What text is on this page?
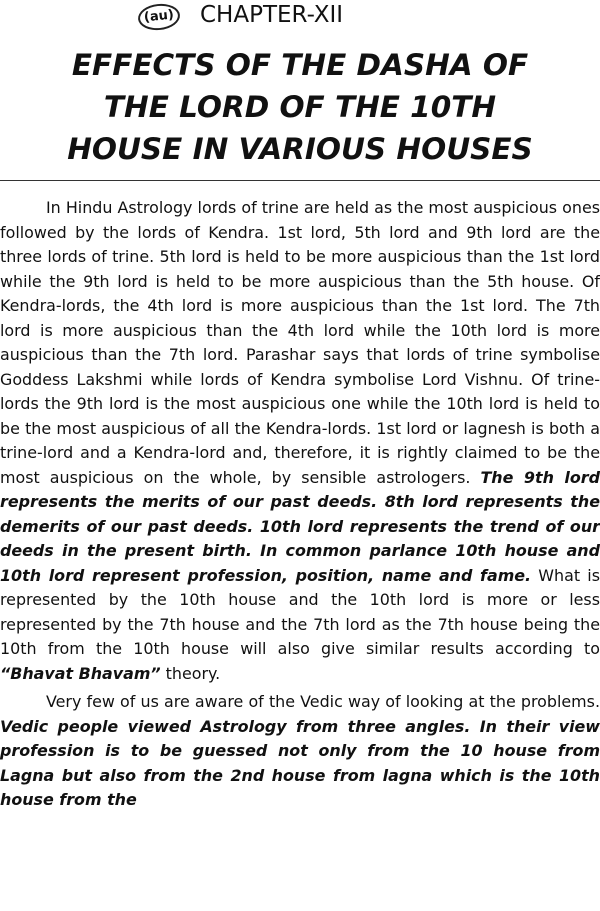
(au) CHAPTER-XII
EFFECTS OF THE DASHA OF
THE LORD OF THE 10TH
HOUSE IN VARIOUS HOUSES

In Hindu Astrology lords of trine are held as the most auspicious ones followed by the lords of Kendra. 1st lord, 5th lord and 9th lord are the three lords of trine. 5th lord is held to be more auspicious than the 1st lord while the 9th lord is held to be more auspicious than the 5th house. Of Kendra-lords, the 4th lord is more auspicious than the 1st lord. The 7th lord is more auspicious than the 4th lord while the 10th lord is more auspicious than the 7th lord. Parashar says that lords of trine symbolise Goddess Lakshmi while lords of Kendra symbolise Lord Vishnu. Of trine-lords the 9th lord is the most auspicious one while the 10th lord is held to be the most auspicious of all the Kendra-lords. 1st lord or lagnesh is both a trine-lord and a Kendra-lord and, therefore, it is rightly claimed to be the most auspicious on the whole, by sensible astrologers. The 9th lord represents the merits of our past deeds. 8th lord represents the demerits of our past deeds. 10th lord represents the trend of our deeds in the present birth. In common parlance 10th house and 10th lord represent profession, position, name and fame. What is represented by the 10th house and the 10th lord is more or less represented by the 7th house and the 7th lord as the 7th house being the 10th from the 10th house will also give similar results according to “Bhavat Bhavam” theory.

Very few of us are aware of the Vedic way of looking at the problems. Vedic people viewed Astrology from three angles. In their view profession is to be guessed not only from the 10 house from Lagna but also from the 2nd house from lagna which is the 10th house from the
